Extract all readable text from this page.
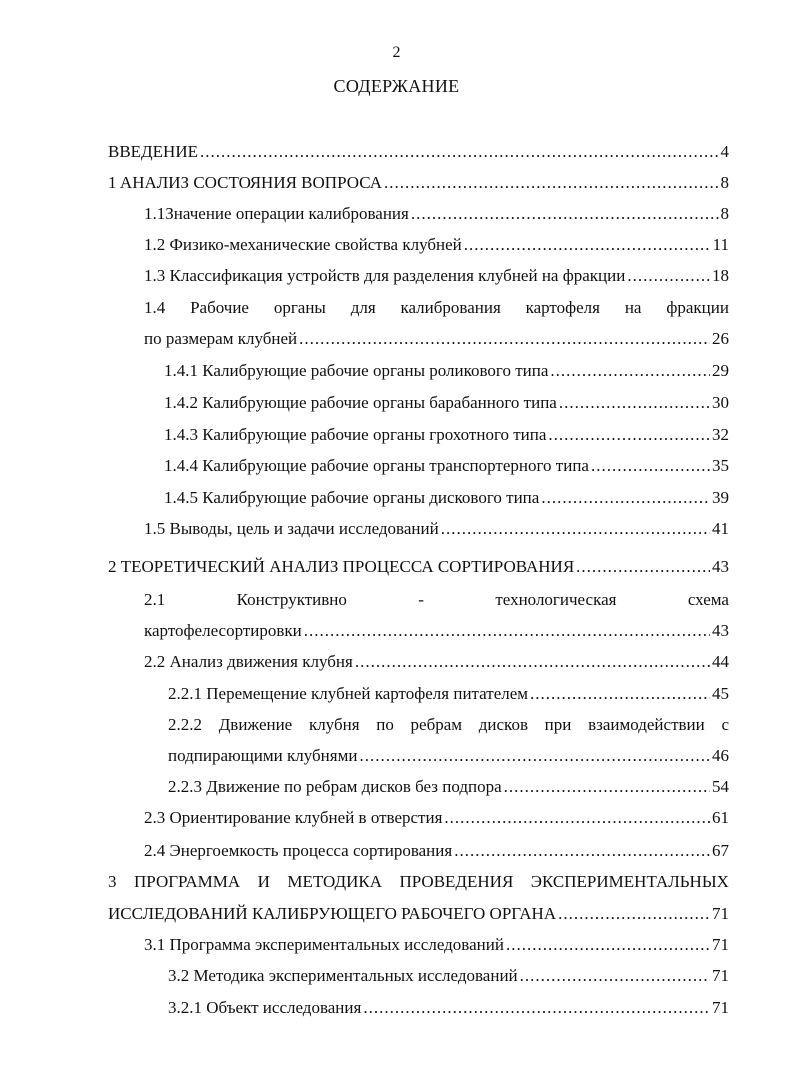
2
СОДЕРЖАНИЕ
ВВЕДЕНИЕ .....	4
1 АНАЛИЗ СОСТОЯНИЯ ВОПРОСА .....	8
1.1 Значение операции калибрования .....	8
1.2 Физико-механические свойства клубней .....	11
1.3 Классификация устройств для разделения клубней на фракции .....	18
1.4 Рабочие органы для калибрования картофеля на фракции
по размерам клубней .....	26
1.4.1 Калибрующие рабочие органы роликового типа .....	29
1.4.2 Калибрующие рабочие органы барабанного типа .....	30
1.4.3 Калибрующие рабочие органы грохотного типа .....	32
1.4.4 Калибрующие рабочие органы транспортерного типа .....	35
1.4.5 Калибрующие рабочие органы дискового типа .....	39
1.5 Выводы, цель и задачи исследований .....	41
2 ТЕОРЕТИЧЕСКИЙ АНАЛИЗ ПРОЦЕССА СОРТИРОВАНИЯ .....	43
2.1	Конструктивно	-	технологическая	схема
картофелесортировки .....	43
2.2 Анализ движения клубня .....	44
2.2.1 Перемещение клубней картофеля питателем .....	45
2.2.2 Движение клубня по ребрам дисков при взаимодействии с
подпирающими клубнями .....	46
2.2.3 Движение по ребрам дисков без подпора .....	54
2.3 Ориентирование клубней в отверстия .....	61
2.4 Энергоемкость процесса сортирования .....	67
3 ПРОГРАММА И МЕТОДИКА ПРОВЕДЕНИЯ ЭКСПЕРИМЕНТАЛЬНЫХ
ИССЛЕДОВАНИЙ КАЛИБРУЮЩЕГО РАБОЧЕГО ОРГАНА .....	71
3.1 Программа экспериментальных исследований .....	71
3.2 Методика экспериментальных исследований .....	71
3.2.1 Объект исследования .....	71
